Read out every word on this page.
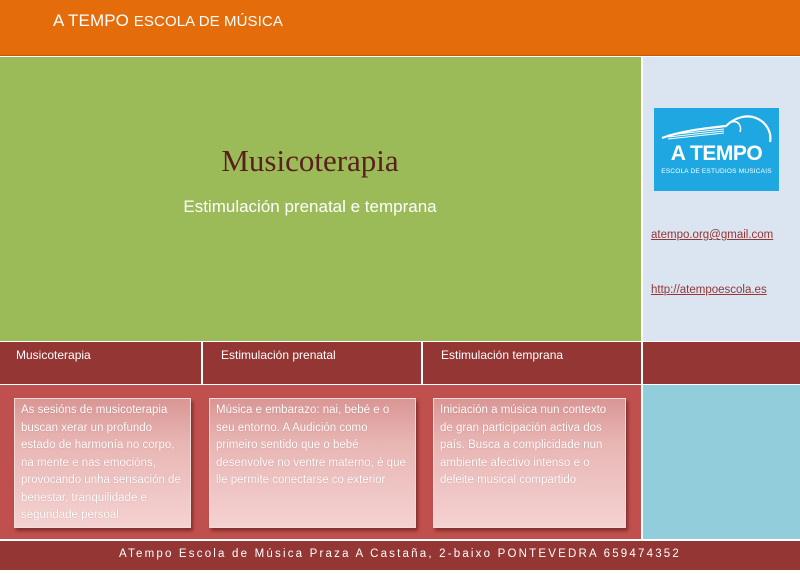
A TEMPO ESCOLA DE MÚSICA
Musicoterapia
Estimulación prenatal e temprana
A TEMPO
ESCOLA DE ESTUDIOS MUSICAIS
atempo.org@gmail.com
http://atempoescola.es
Musicoterapia	Estimulación prenatal	Estimulación temprana
As sesións de musicoterapia buscan xerar un profundo estado de harmonía no corpo, na mente e nas emocións, provocando unha sensación de benestar, tranquilidade e seguridade persoal
Música e embarazo: nai, bebé e o seu entorno. A Audición como primeiro sentido que o bebé desenvolve no ventre materno, é que lle permite conectarse co exterior
Iniciación a música nun contexto de gran participación activa dos país. Busca a complicidade nun ambiente afectivo intenso e o deleite musical compartido
ATempo Escola de Música Praza A Castaña, 2-baixo PONTEVEDRA 659474352
